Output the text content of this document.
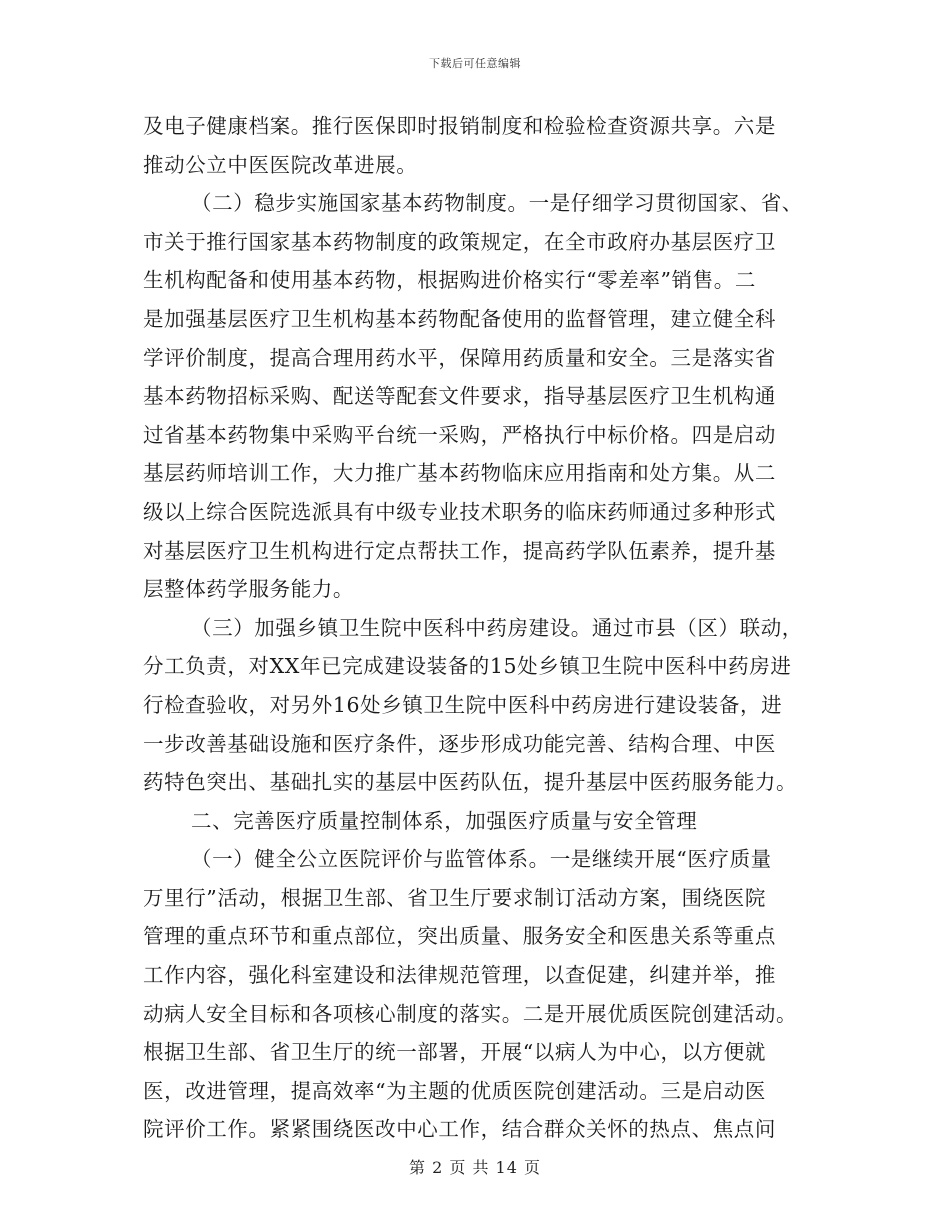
下载后可任意编辑
及电子健康档案。推行医保即时报销制度和检验检查资源共享。六是
推动公立中医医院改革进展。
（二）稳步实施国家基本药物制度。一是仔细学习贯彻国家、省、
市关于推行国家基本药物制度的政策规定，在全市政府办基层医疗卫
生机构配备和使用基本药物，根据购进价格实行“零差率”销售。二
是加强基层医疗卫生机构基本药物配备使用的监督管理，建立健全科
学评价制度，提高合理用药水平，保障用药质量和安全。三是落实省
基本药物招标采购、配送等配套文件要求，指导基层医疗卫生机构通
过省基本药物集中采购平台统一采购，严格执行中标价格。四是启动
基层药师培训工作，大力推广基本药物临床应用指南和处方集。从二
级以上综合医院选派具有中级专业技术职务的临床药师通过多种形式
对基层医疗卫生机构进行定点帮扶工作，提高药学队伍素养，提升基
层整体药学服务能力。
（三）加强乡镇卫生院中医科中药房建设。通过市县（区）联动，
分工负责，对XX年已完成建设装备的15处乡镇卫生院中医科中药房进
行检查验收，对另外16处乡镇卫生院中医科中药房进行建设装备，进
一步改善基础设施和医疗条件，逐步形成功能完善、结构合理、中医
药特色突出、基础扎实的基层中医药队伍，提升基层中医药服务能力。
二、完善医疗质量控制体系，加强医疗质量与安全管理
（一）健全公立医院评价与监管体系。一是继续开展“医疗质量
万里行”活动，根据卫生部、省卫生厅要求制订活动方案，围绕医院
管理的重点环节和重点部位，突出质量、服务安全和医患关系等重点
工作内容，强化科室建设和法律规范管理，以查促建，纠建并举，推
动病人安全目标和各项核心制度的落实。二是开展优质医院创建活动。
根据卫生部、省卫生厅的统一部署，开展“以病人为中心，以方便就
医，改进管理，提高效率“为主题的优质医院创建活动。三是启动医
院评价工作。紧紧围绕医改中心工作，结合群众关怀的热点、焦点问
第 2 页 共 14 页
